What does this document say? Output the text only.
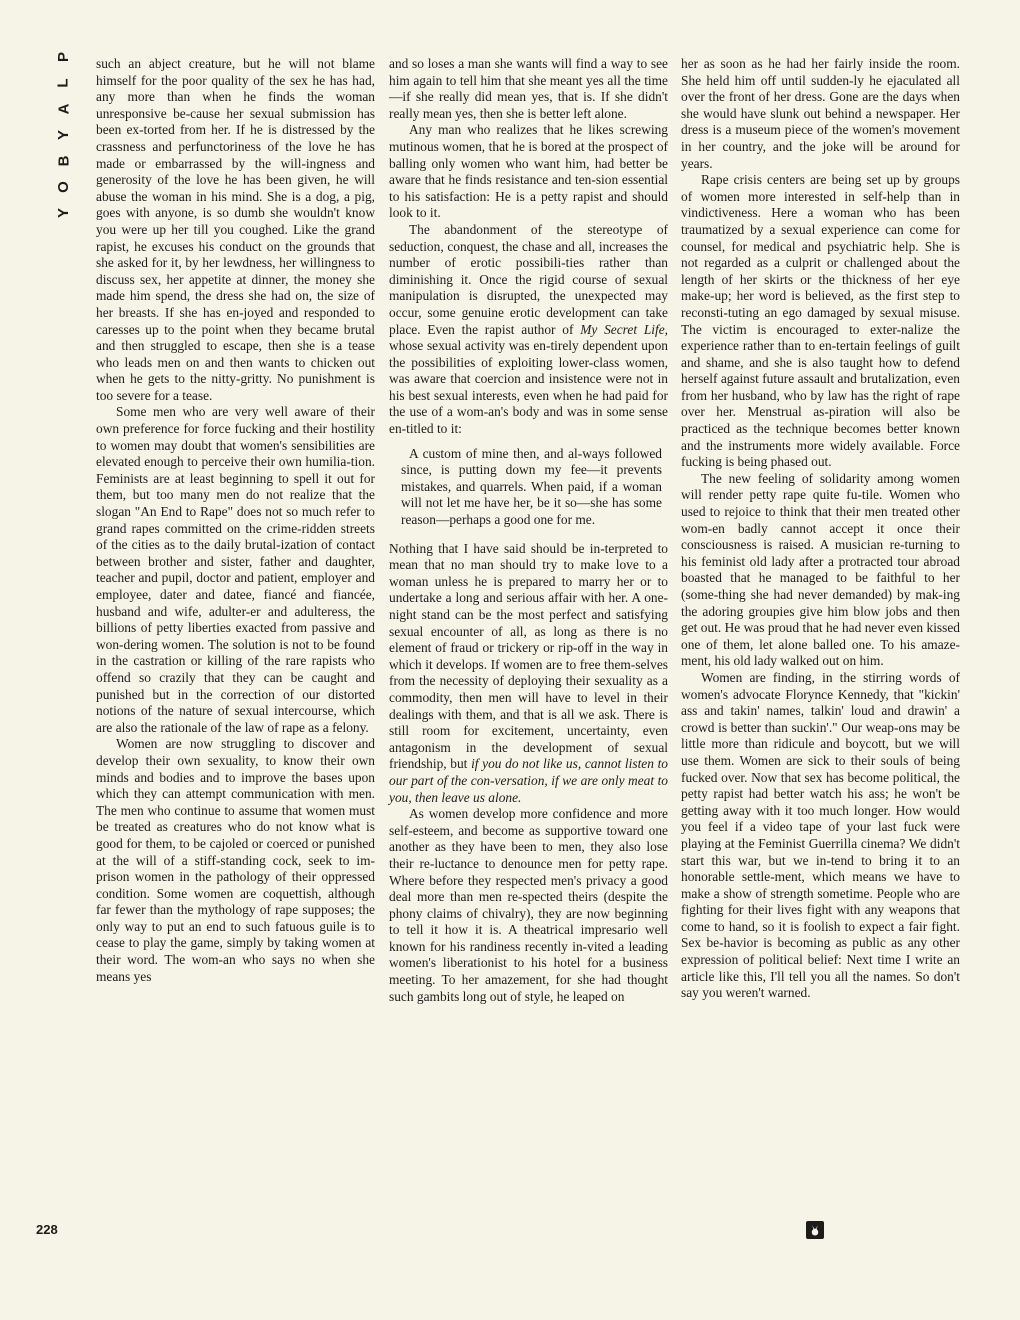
P
L
A
Y
B
O
Y

such an abject creature, but he will not blame himself for the poor quality of the sex he has had, any more than when he finds the woman unresponsive be-cause her sexual submission has been ex-torted from her. If he is distressed by the crassness and perfunctoriness of the love he has made or embarrassed by the will-ingness and generosity of the love he has been given, he will abuse the woman in his mind. She is a dog, a pig, goes with anyone, is so dumb she wouldn't know you were up her till you coughed. Like the grand rapist, he excuses his conduct on the grounds that she asked for it, by her lewdness, her willingness to discuss sex, her appetite at dinner, the money she made him spend, the dress she had on, the size of her breasts. If she has en-joyed and responded to caresses up to the point when they became brutal and then struggled to escape, then she is a tease who leads men on and then wants to chicken out when he gets to the nitty-gritty. No punishment is too severe for a tease.

Some men who are very well aware of their own preference for force fucking and their hostility to women may doubt that women's sensibilities are elevated enough to perceive their own humilia-tion. Feminists are at least beginning to spell it out for them, but too many men do not realize that the slogan "An End to Rape" does not so much refer to grand rapes committed on the crime-ridden streets of the cities as to the daily brutal-ization of contact between brother and sister, father and daughter, teacher and pupil, doctor and patient, employer and employee, dater and datee, fiancé and fiancée, husband and wife, adulter-er and adulteress, the billions of petty liberties exacted from passive and won-dering women. The solution is not to be found in the castration or killing of the rare rapists who offend so crazily that they can be caught and punished but in the correction of our distorted notions of the nature of sexual intercourse, which are also the rationale of the law of rape as a felony.

Women are now struggling to discover and develop their own sexuality, to know their own minds and bodies and to improve the bases upon which they can attempt communication with men. The men who continue to assume that women must be treated as creatures who do not know what is good for them, to be cajoled or coerced or punished at the will of a stiff-standing cock, seek to im-prison women in the pathology of their oppressed condition. Some women are coquettish, although far fewer than the mythology of rape supposes; the only way to put an end to such fatuous guile is to cease to play the game, simply by taking women at their word. The wom-an who says no when she means yes

and so loses a man she wants will find a way to see him again to tell him that she meant yes all the time—if she really did mean yes, that is. If she didn't really mean yes, then she is better left alone.

Any man who realizes that he likes screwing mutinous women, that he is bored at the prospect of balling only women who want him, had better be aware that he finds resistance and ten-sion essential to his satisfaction: He is a petty rapist and should look to it.

The abandonment of the stereotype of seduction, conquest, the chase and all, increases the number of erotic possibili-ties rather than diminishing it. Once the rigid course of sexual manipulation is disrupted, the unexpected may occur, some genuine erotic development can take place. Even the rapist author of My Secret Life, whose sexual activity was en-tirely dependent upon the possibilities of exploiting lower-class women, was aware that coercion and insistence were not in his best sexual interests, even when he had paid for the use of a wom-an's body and was in some sense en-titled to it:

A custom of mine then, and al-ways followed since, is putting down my fee—it prevents mistakes, and quarrels. When paid, if a woman will not let me have her, be it so—she has some reason—perhaps a good one for me.

Nothing that I have said should be in-terpreted to mean that no man should try to make love to a woman unless he is prepared to marry her or to undertake a long and serious affair with her. A one-night stand can be the most perfect and satisfying sexual encounter of all, as long as there is no element of fraud or trickery or rip-off in the way in which it develops. If women are to free them-selves from the necessity of deploying their sexuality as a commodity, then men will have to level in their dealings with them, and that is all we ask. There is still room for excitement, uncertainty, even antagonism in the development of sexual friendship, but if you do not like us, cannot listen to our part of the con-versation, if we are only meat to you, then leave us alone.

As women develop more confidence and more self-esteem, and become as supportive toward one another as they have been to men, they also lose their re-luctance to denounce men for petty rape. Where before they respected men's privacy a good deal more than men re-spected theirs (despite the phony claims of chivalry), they are now beginning to tell it how it is. A theatrical impresario well known for his randiness recently in-vited a leading women's liberationist to his hotel for a business meeting. To her amazement, for she had thought such gambits long out of style, he leaped on

her as soon as he had her fairly inside the room. She held him off until sudden-ly he ejaculated all over the front of her dress. Gone are the days when she would have slunk out behind a newspaper. Her dress is a museum piece of the women's movement in her country, and the joke will be around for years.

Rape crisis centers are being set up by groups of women more interested in self-help than in vindictiveness. Here a woman who has been traumatized by a sexual experience can come for counsel, for medical and psychiatric help. She is not regarded as a culprit or challenged about the length of her skirts or the thickness of her eye make-up; her word is believed, as the first step to reconsti-tuting an ego damaged by sexual misuse. The victim is encouraged to exter-nalize the experience rather than to en-tertain feelings of guilt and shame, and she is also taught how to defend herself against future assault and brutalization, even from her husband, who by law has the right of rape over her. Menstrual as-piration will also be practiced as the technique becomes better known and the instruments more widely available. Force fucking is being phased out.

The new feeling of solidarity among women will render petty rape quite fu-tile. Women who used to rejoice to think that their men treated other wom-en badly cannot accept it once their consciousness is raised. A musician re-turning to his feminist old lady after a protracted tour abroad boasted that he managed to be faithful to her (some-thing she had never demanded) by mak-ing the adoring groupies give him blow jobs and then get out. He was proud that he had never even kissed one of them, let alone balled one. To his amaze-ment, his old lady walked out on him.

Women are finding, in the stirring words of women's advocate Florynce Kennedy, that "kickin' ass and takin' names, talkin' loud and drawin' a crowd is better than suckin'." Our weap-ons may be little more than ridicule and boycott, but we will use them. Women are sick to their souls of being fucked over. Now that sex has become political, the petty rapist had better watch his ass; he won't be getting away with it too much longer. How would you feel if a video tape of your last fuck were playing at the Feminist Guerrilla cinema? We didn't start this war, but we in-tend to bring it to an honorable settle-ment, which means we have to make a show of strength sometime. People who are fighting for their lives fight with any weapons that come to hand, so it is foolish to expect a fair fight. Sex be-havior is becoming as public as any other expression of political belief: Next time I write an article like this, I'll tell you all the names. So don't say you weren't warned.

228
